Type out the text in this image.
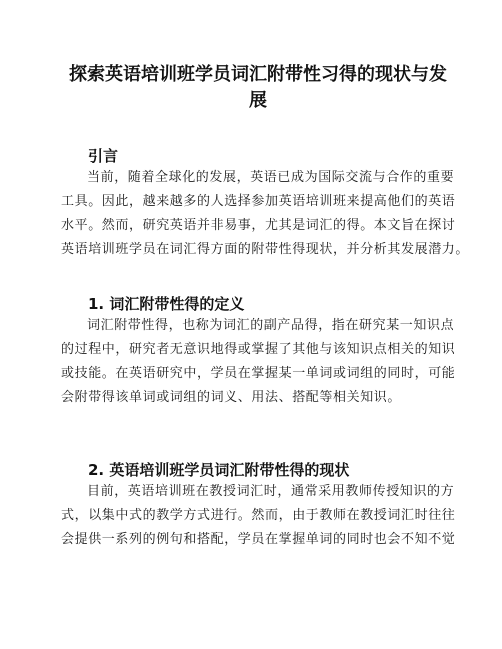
探索英语培训班学员词汇附带性习得的现状与发展
引言
当前，随着全球化的发展，英语已成为国际交流与合作的重要
工具。因此，越来越多的人选择参加英语培训班来提高他们的英语
水平。然而，研究英语并非易事，尤其是词汇的得。本文旨在探讨
英语培训班学员在词汇得方面的附带性得现状，并分析其发展潜力。
1. 词汇附带性得的定义
词汇附带性得，也称为词汇的副产品得，指在研究某一知识点
的过程中，研究者无意识地得或掌握了其他与该知识点相关的知识
或技能。在英语研究中，学员在掌握某一单词或词组的同时，可能
会附带得该单词或词组的词义、用法、搭配等相关知识。
2. 英语培训班学员词汇附带性得的现状
目前，英语培训班在教授词汇时，通常采用教师传授知识的方
式，以集中式的教学方式进行。然而，由于教师在教授词汇时往往
会提供一系列的例句和搭配，学员在掌握单词的同时也会不知不觉
